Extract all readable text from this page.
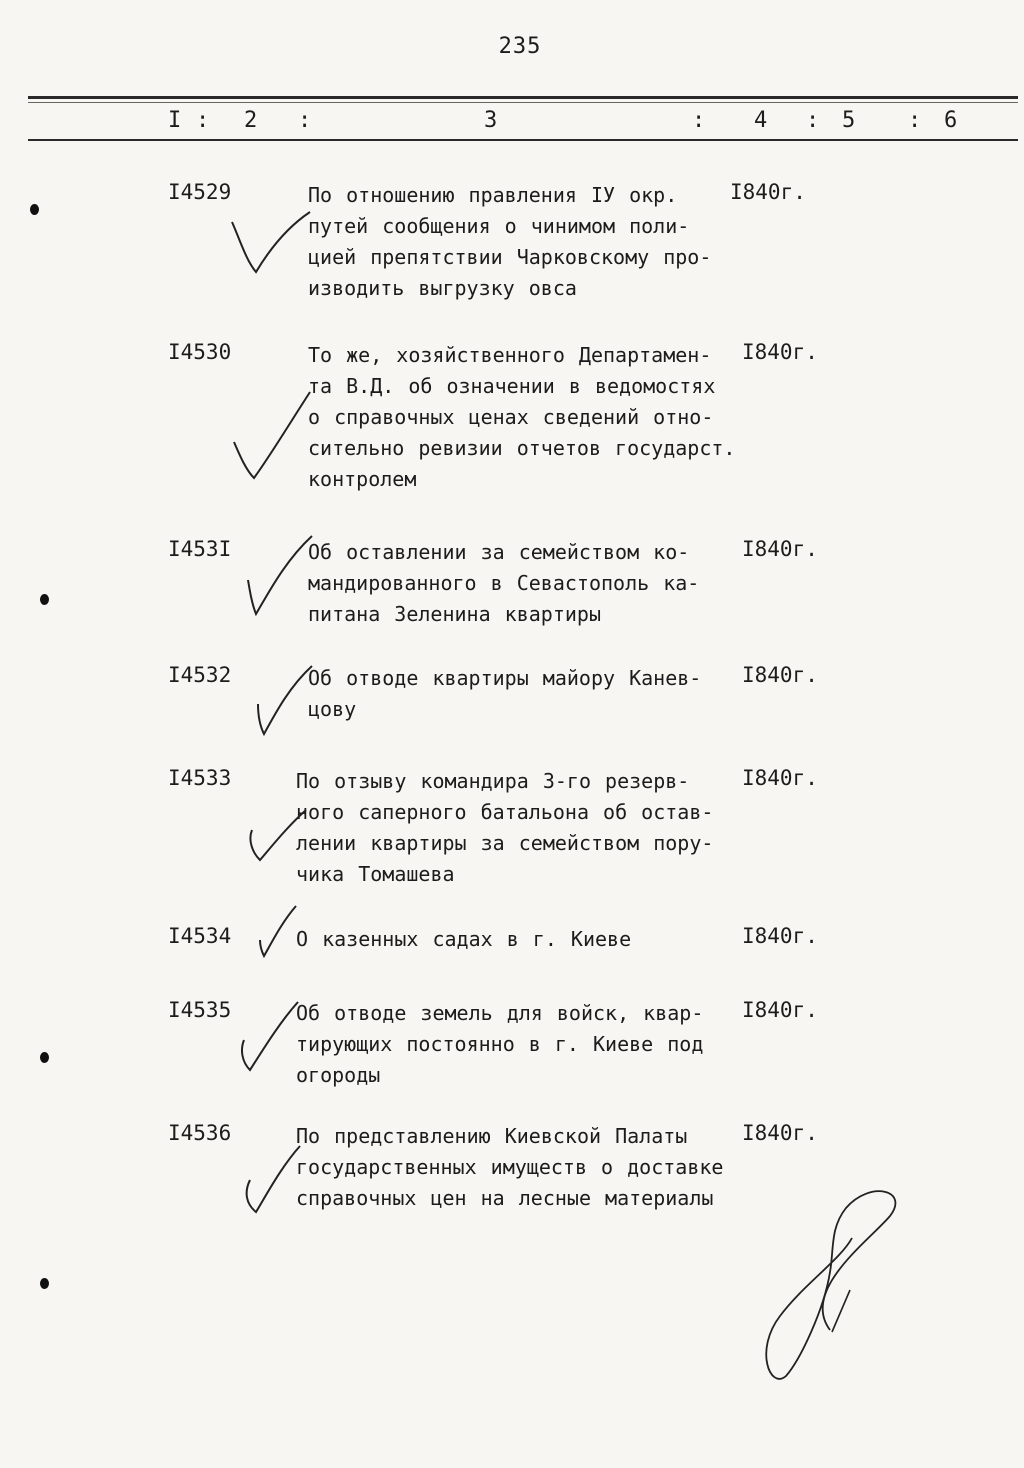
235
I : 2 :	3	: 4 : 5 : 6
I4529	По отношению правления IУ окр.
путей сообщения о чинимом поли-
цией препятствии Чарковскому про-
изводить выгрузку овса
I840г.
I4530	То же, хозяйственного Департамен-
та В.Д. об означении в ведомостях
о справочных ценах сведений отно-
сительно ревизии отчетов государст.
контролем
I840г.
I453I	Об оставлении за семейством ко-
мандированного в Севастополь ка-
питана Зеленина квартиры
I840г.
I4532	Об отводе квартиры майору Канев-
цову
I840г.
I4533	По отзыву командира 3-го резерв-
ного саперного батальона об остав-
лении квартиры за семейством пору-
чика Томашева
I840г.
I4534	О казенных садах в г. Киеве	I840г.
I4535	Об отводе земель для войск, квар-
тирующих постоянно в г. Киеве под
огороды
I840г.
I4536	По представлению Киевской Палаты
государственных имуществ о доставке
справочных цен на лесные материалы
I840г.
